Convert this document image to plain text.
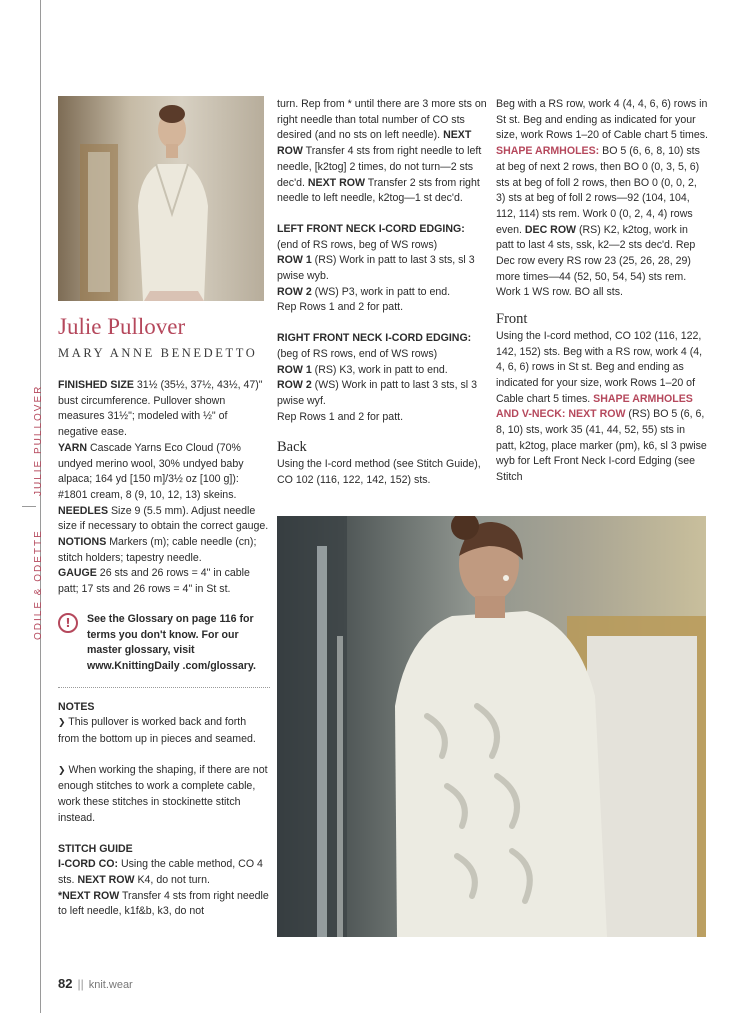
JULIE PULLOVER
ODILE & ODETTE
Julie Pullover
MARY ANNE BENEDETTO

FINISHED SIZE 31½ (35½, 37½, 43½, 47)" bust circumference. Pullover shown measures 31½"; modeled with ½" of negative ease.

YARN Cascade Yarns Eco Cloud (70% undyed merino wool, 30% undyed baby alpaca; 164 yd [150 m]/3½ oz [100 g]): #1801 cream, 8 (9, 10, 12, 13) skeins.

NEEDLES Size 9 (5.5 mm). Adjust needle size if necessary to obtain the correct gauge.

NOTIONS Markers (m); cable needle (cn); stitch holders; tapestry needle.

GAUGE 26 sts and 26 rows = 4" in cable patt; 17 sts and 26 rows = 4" in St st.

!	See the Glossary on page 116 for terms you don't know. For our master glossary, visit www.KnittingDaily .com/glossary.

NOTES

❯ This pullover is worked back and forth from the bottom up in pieces and seamed.

❯ When working the shaping, if there are not enough stitches to work a complete cable, work these stitches in stockinette stitch instead.

STITCH GUIDE

I-CORD CO: Using the cable method, CO 4 sts. NEXT ROW K4, do not turn.
*NEXT ROW Transfer 4 sts from right needle to left needle, k1f&b, k3, do not

turn. Rep from * until there are 3 more sts on right needle than total number of CO sts desired (and no sts on left needle). NEXT ROW Transfer 4 sts from right needle to left needle, [k2tog] 2 times, do not turn—2 sts dec'd. NEXT ROW Transfer 2 sts from right needle to left needle, k2tog—1 st dec'd.

LEFT FRONT NECK I-CORD EDGING:

(end of RS rows, beg of WS rows)

ROW 1 (RS) Work in patt to last 3 sts, sl 3 pwise wyb.

ROW 2 (WS) P3, work in patt to end.

Rep Rows 1 and 2 for patt.

RIGHT FRONT NECK I-CORD EDGING:

(beg of RS rows, end of WS rows)

ROW 1 (RS) K3, work in patt to end.

ROW 2 (WS) Work in patt to last 3 sts, sl 3 pwise wyf.

Rep Rows 1 and 2 for patt.

Back

Using the I-cord method (see Stitch Guide), CO 102 (116, 122, 142, 152) sts.

Beg with a RS row, work 4 (4, 4, 6, 6) rows in St st. Beg and ending as indicated for your size, work Rows 1–20 of Cable chart 5 times. SHAPE ARMHOLES: BO 5 (6, 6, 8, 10) sts at beg of next 2 rows, then BO 0 (0, 3, 5, 6) sts at beg of foll 2 rows, then BO 0 (0, 0, 2, 3) sts at beg of foll 2 rows—92 (104, 104, 112, 114) sts rem. Work 0 (0, 2, 4, 4) rows even. DEC ROW (RS) K2, k2tog, work in patt to last 4 sts, ssk, k2—2 sts dec'd. Rep Dec row every RS row 23 (25, 26, 28, 29) more times—44 (52, 50, 54, 54) sts rem. Work 1 WS row. BO all sts.

Front

Using the I-cord method, CO 102 (116, 122, 142, 152) sts. Beg with a RS row, work 4 (4, 4, 6, 6) rows in St st. Beg and ending as indicated for your size, work Rows 1–20 of Cable chart 5 times. SHAPE ARMHOLES AND V-NECK: NEXT ROW (RS) BO 5 (6, 6, 8, 10) sts, work 35 (41, 44, 52, 55) sts in patt, k2tog, place marker (pm), k6, sl 3 pwise wyb for Left Front Neck I-cord Edging (see Stitch

82 || knit.wear
